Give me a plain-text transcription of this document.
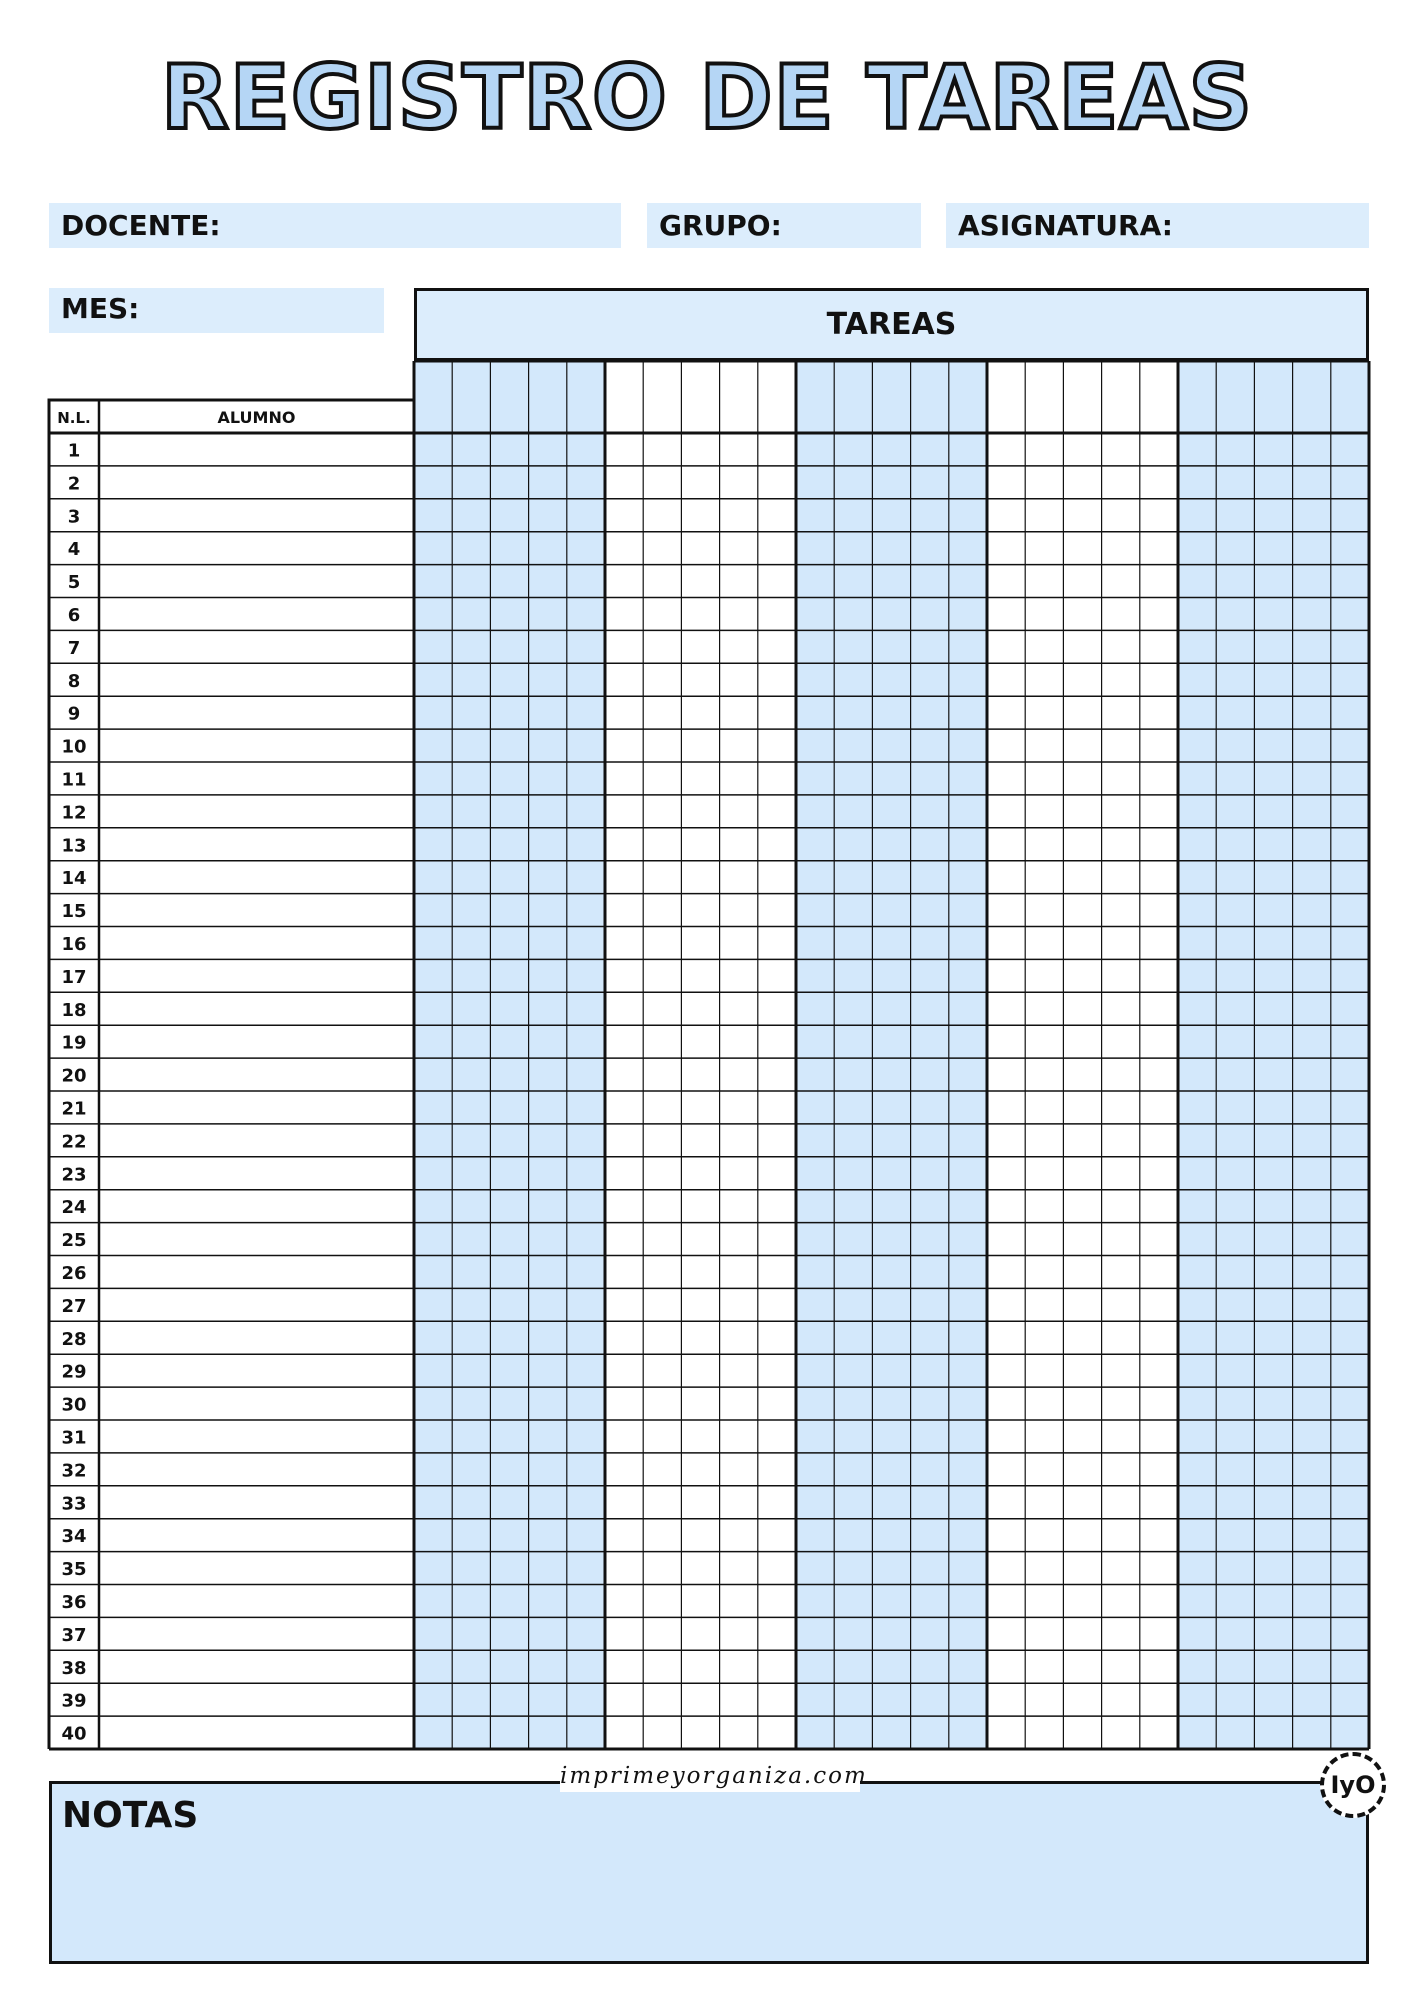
REGISTRO DE TAREAS
DOCENTE:	GRUPO:	ASIGNATURA:
MES:	TAREAS
N.L.	ALUMNO
1
2
3
4
5
6
7
8
9
10
11
12
13
14
15
16
17
18
19
20
21
22
23
24
25
26
27
28
29
30
31
32
33
34
35
36
37
38
39
40
NOTAS
imprimeyorganiza.com	IyO
